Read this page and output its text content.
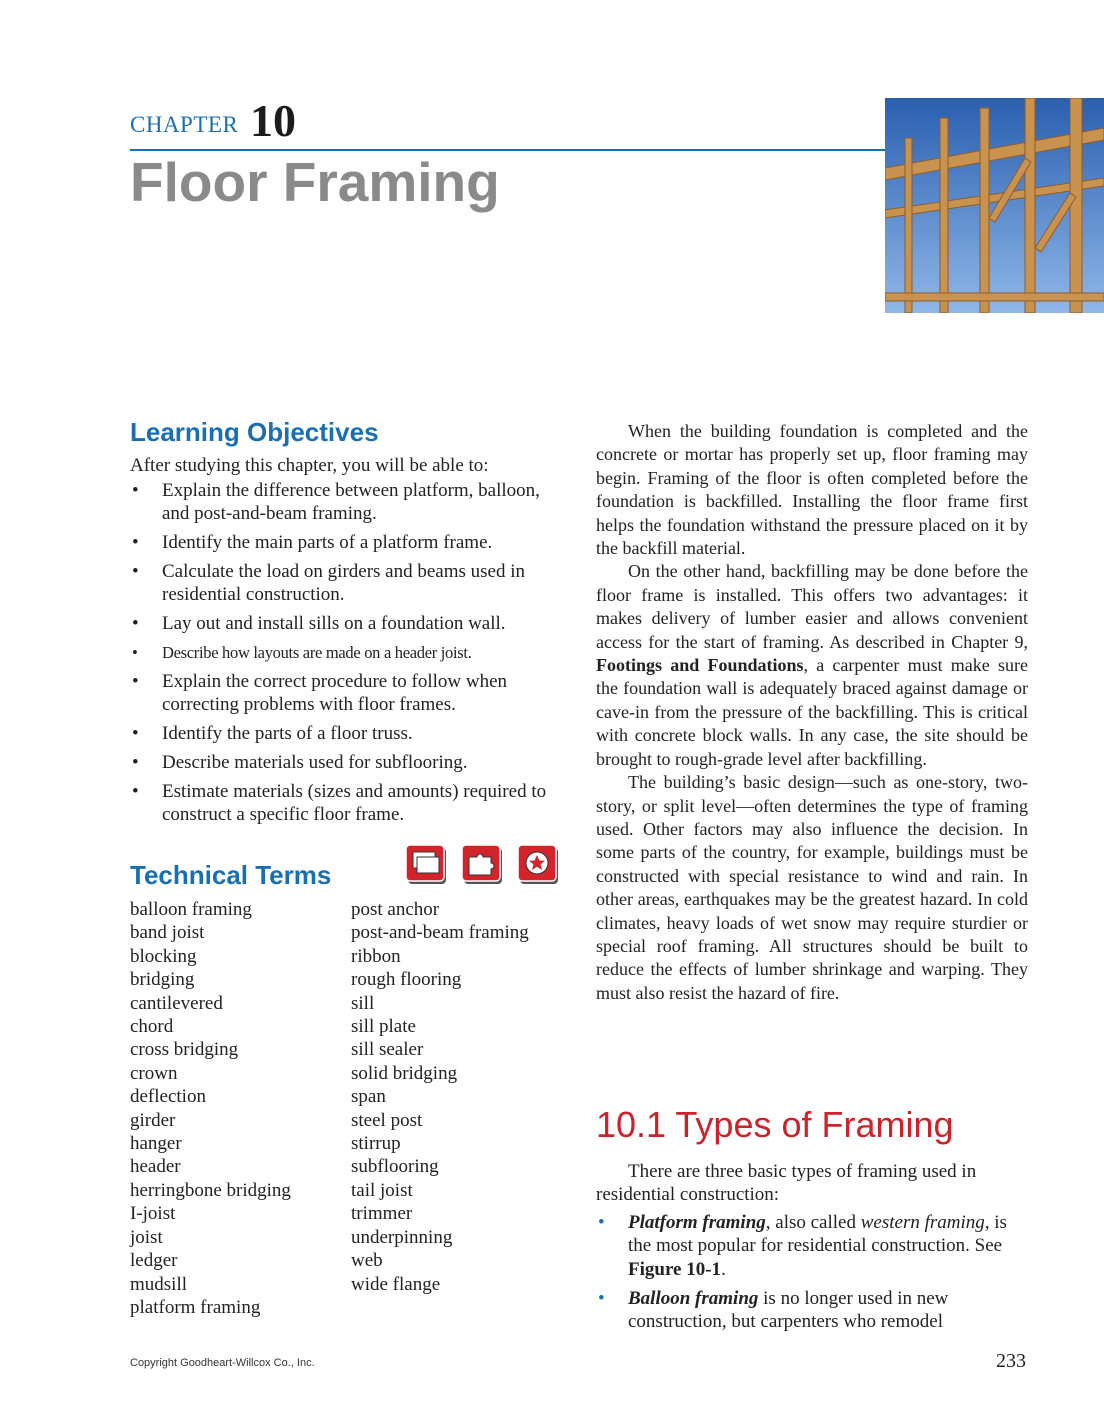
CHAPTER 10
Floor Framing
Learning Objectives
After studying this chapter, you will be able to:
• Explain the difference between platform, balloon, and post-and-beam framing.
• Identify the main parts of a platform frame.
• Calculate the load on girders and beams used in residential construction.
• Lay out and install sills on a foundation wall.
• Describe how layouts are made on a header joist.
• Explain the correct procedure to follow when correcting problems with floor frames.
• Identify the parts of a floor truss.
• Describe materials used for subflooring.
• Estimate materials (sizes and amounts) required to construct a specific floor frame.
Technical Terms
balloon framing
band joist
blocking
bridging
cantilevered
chord
cross bridging
crown
deflection
girder
hanger
header
herringbone bridging
I-joist
joist
ledger
mudsill
platform framing
post anchor
post-and-beam framing
ribbon
rough flooring
sill
sill plate
sill sealer
solid bridging
span
steel post
stirrup
subflooring
tail joist
trimmer
underpinning
web
wide flange

When the building foundation is completed and the concrete or mortar has properly set up, floor framing may begin. Framing of the floor is often completed before the foundation is backfilled. Installing the floor frame first helps the foundation withstand the pressure placed on it by the backfill material.

On the other hand, backfilling may be done before the floor frame is installed. This offers two advantages: it makes delivery of lumber easier and allows convenient access for the start of framing. As described in Chapter 9, Footings and Foundations, a carpenter must make sure the foundation wall is adequately braced against damage or cave-in from the pressure of the backfilling. This is critical with concrete block walls. In any case, the site should be brought to rough-grade level after backfilling.

The building’s basic design—such as one-story, two-story, or split level—often determines the type of framing used. Other factors may also influence the decision. In some parts of the country, for example, buildings must be constructed with special resistance to wind and rain. In other areas, earthquakes may be the greatest hazard. In cold climates, heavy loads of wet snow may require sturdier or special roof framing. All structures should be built to reduce the effects of lumber shrinkage and warping. They must also resist the hazard of fire.

10.1 Types of Framing

There are three basic types of framing used in residential construction:

• Platform framing, also called western framing, is the most popular for residential construction. See Figure 10-1.
• Balloon framing is no longer used in new construction, but carpenters who remodel
Copyright Goodheart-Willcox Co., Inc.	233
